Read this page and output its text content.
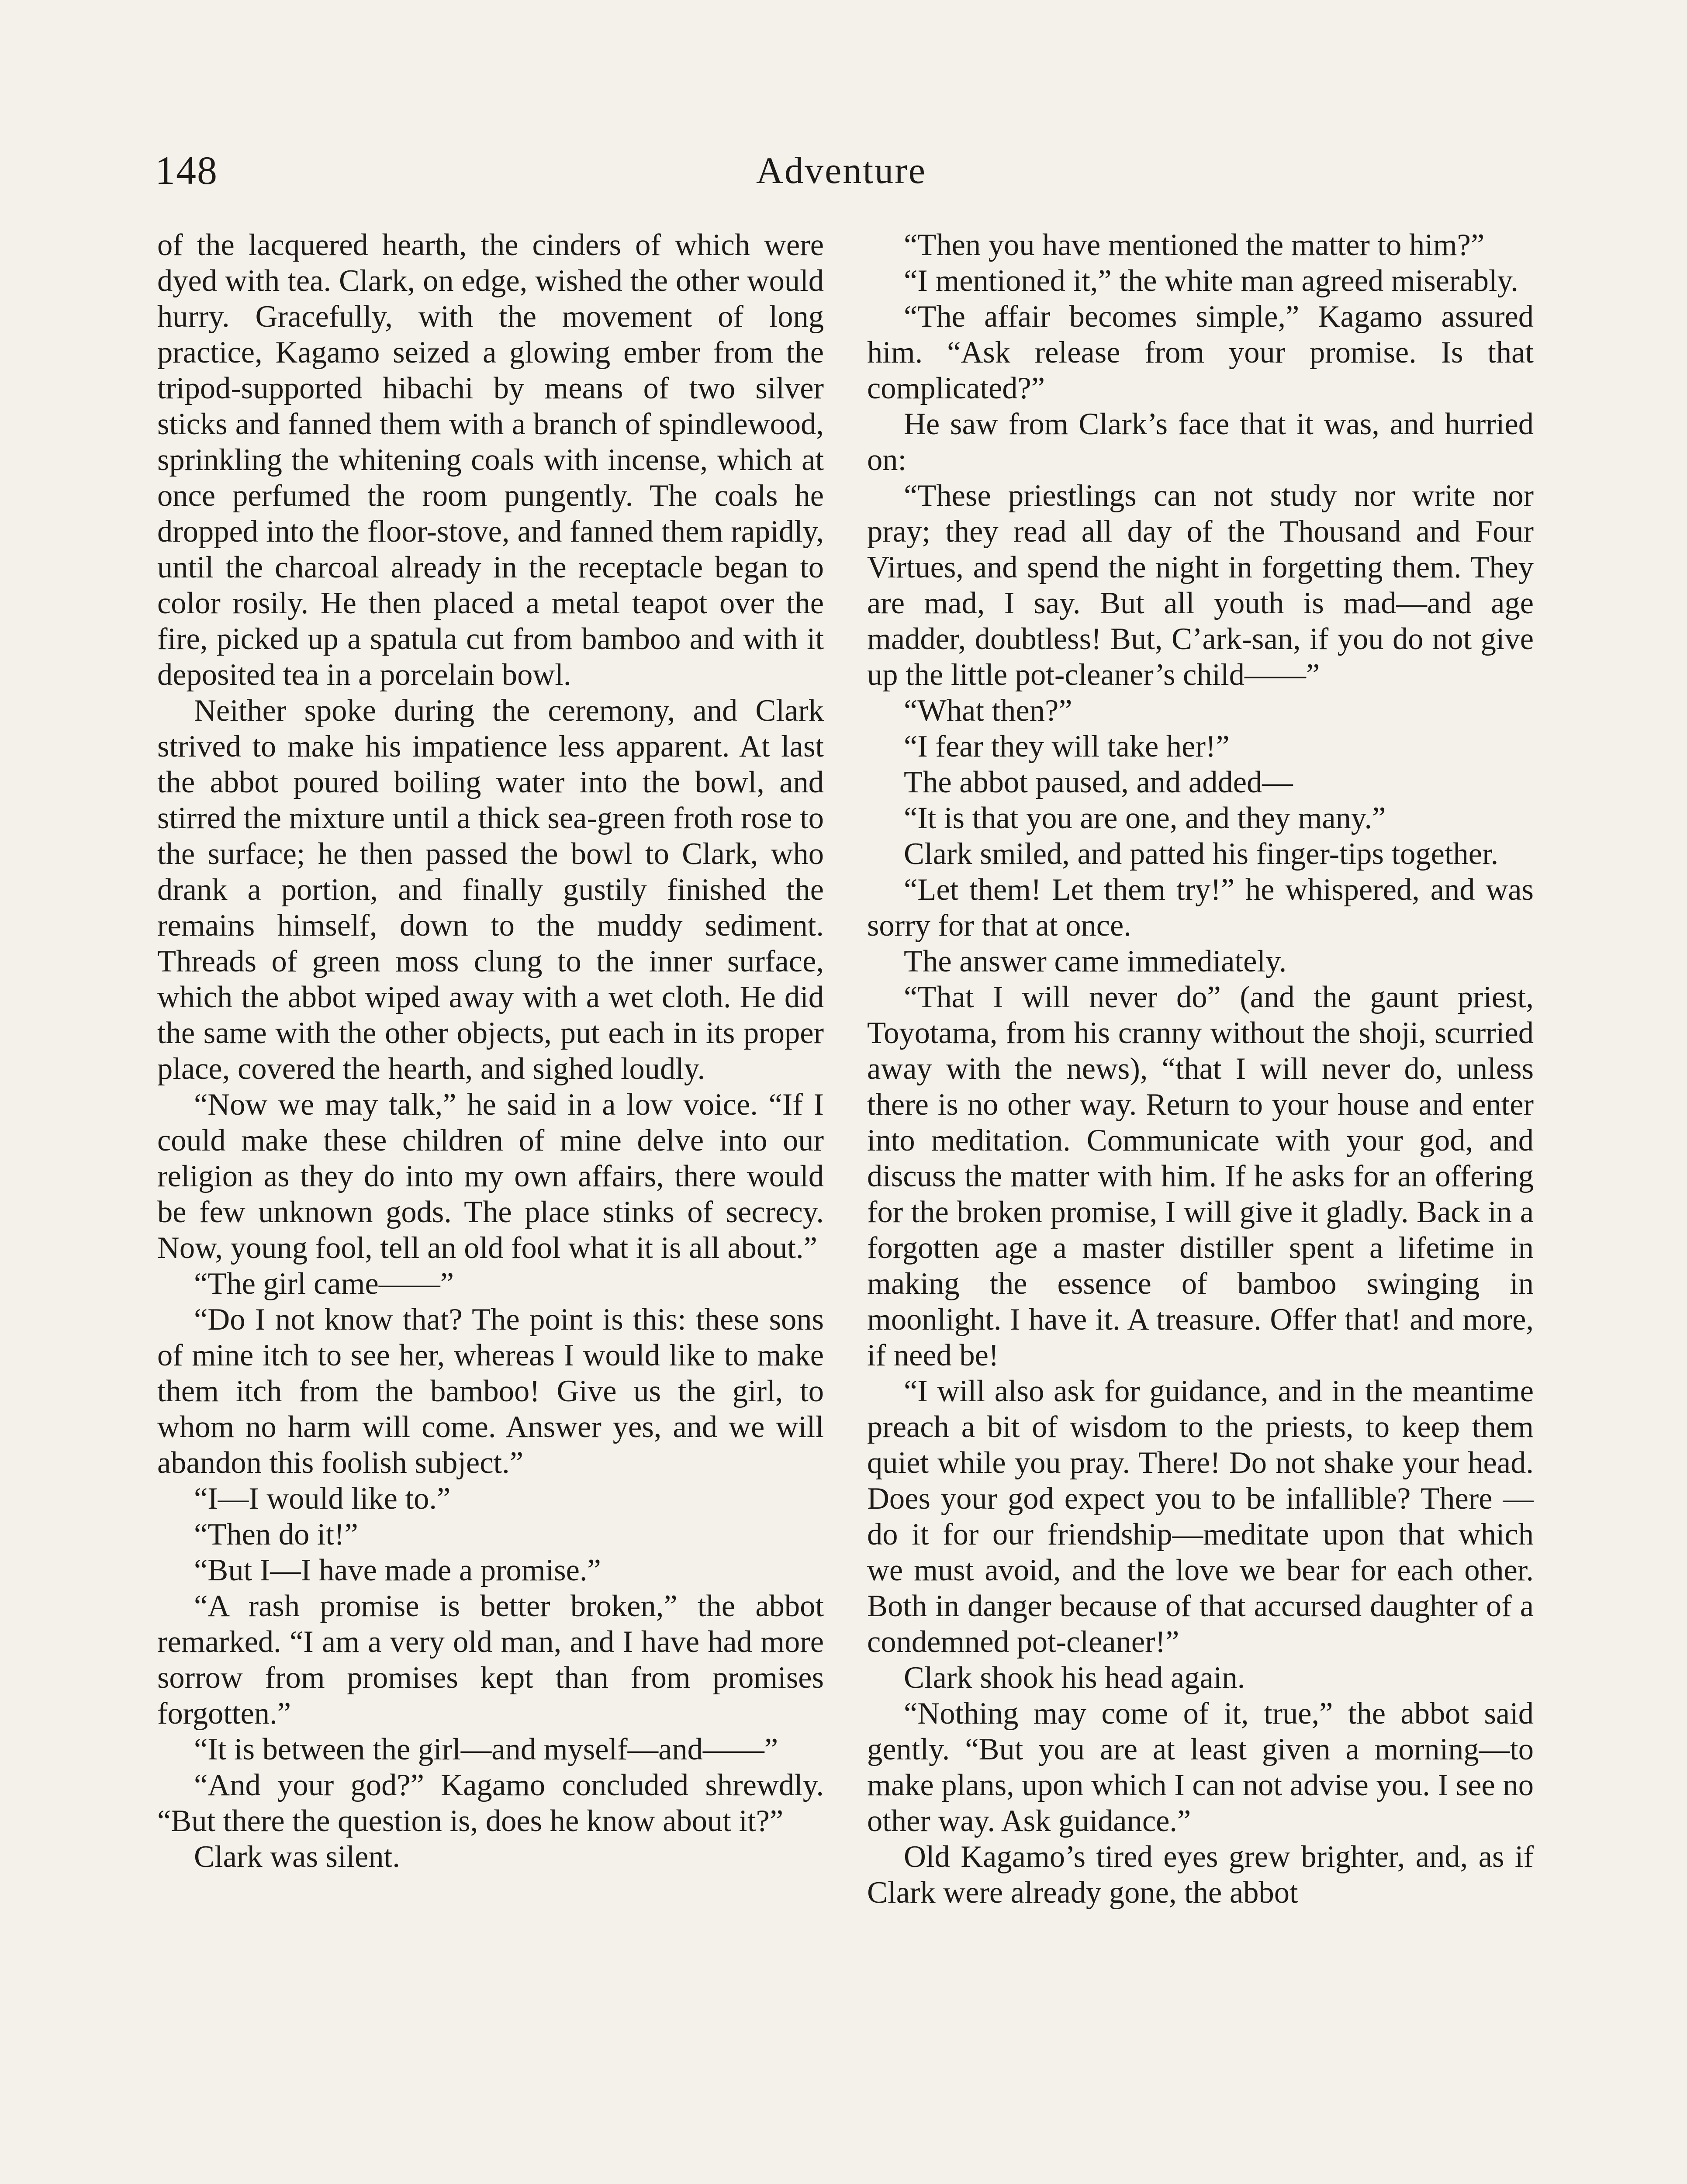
148	Adventure

of the lacquered hearth, the cinders of which were dyed with tea. Clark, on edge, wished the other would hurry. Gracefully, with the movement of long practice, Kagamo seized a glowing ember from the tripod-supported hibachi by means of two silver sticks and fanned them with a branch of spindlewood, sprinkling the whitening coals with incense, which at once perfumed the room pungently. The coals he dropped into the floor-stove, and fanned them rapidly, until the charcoal already in the receptacle began to color rosily. He then placed a metal teapot over the fire, picked up a spatula cut from bamboo and with it deposited tea in a porcelain bowl.

Neither spoke during the ceremony, and Clark strived to make his impatience less apparent. At last the abbot poured boiling water into the bowl, and stirred the mixture until a thick sea-green froth rose to the surface; he then passed the bowl to Clark, who drank a portion, and finally gustily finished the remains himself, down to the muddy sediment. Threads of green moss clung to the inner surface, which the abbot wiped away with a wet cloth. He did the same with the other objects, put each in its proper place, covered the hearth, and sighed loudly.

“Now we may talk,” he said in a low voice. “If I could make these children of mine delve into our religion as they do into my own affairs, there would be few unknown gods. The place stinks of secrecy. Now, young fool, tell an old fool what it is all about.”

“The girl came——”

“Do I not know that? The point is this: these sons of mine itch to see her, whereas I would like to make them itch from the bamboo! Give us the girl, to whom no harm will come. Answer yes, and we will abandon this foolish subject.”

“I—I would like to.”

“Then do it!”

“But I—I have made a promise.”

“A rash promise is better broken,” the abbot remarked. “I am a very old man, and I have had more sorrow from promises kept than from promises forgotten.”

“It is between the girl—and myself—and——”

“And your god?” Kagamo concluded shrewdly. “But there the question is, does he know about it?”

Clark was silent.

“Then you have mentioned the matter to him?”

“I mentioned it,” the white man agreed miserably.

“The affair becomes simple,” Kagamo assured him. “Ask release from your promise. Is that complicated?”

He saw from Clark’s face that it was, and hurried on:

“These priestlings can not study nor write nor pray; they read all day of the Thousand and Four Virtues, and spend the night in forgetting them. They are mad, I say. But all youth is mad—and age madder, doubtless! But, C’ark-san, if you do not give up the little pot-cleaner’s child——”

“What then?”

“I fear they will take her!”

The abbot paused, and added—

“It is that you are one, and they many.”

Clark smiled, and patted his finger-tips together.

“Let them! Let them try!” he whispered, and was sorry for that at once.

The answer came immediately.

“That I will never do” (and the gaunt priest, Toyotama, from his cranny without the shoji, scurried away with the news), “that I will never do, unless there is no other way. Return to your house and enter into meditation. Communicate with your god, and discuss the matter with him. If he asks for an offering for the broken promise, I will give it gladly. Back in a forgotten age a master distiller spent a lifetime in making the essence of bamboo swinging in moonlight. I have it. A treasure. Offer that! and more, if need be!

“I will also ask for guidance, and in the meantime preach a bit of wisdom to the priests, to keep them quiet while you pray. There! Do not shake your head. Does your god expect you to be infallible? There —do it for our friendship—meditate upon that which we must avoid, and the love we bear for each other. Both in danger because of that accursed daughter of a condemned pot-cleaner!”

Clark shook his head again.

“Nothing may come of it, true,” the abbot said gently. “But you are at least given a morning—to make plans, upon which I can not advise you. I see no other way. Ask guidance.”

Old Kagamo’s tired eyes grew brighter, and, as if Clark were already gone, the abbot
